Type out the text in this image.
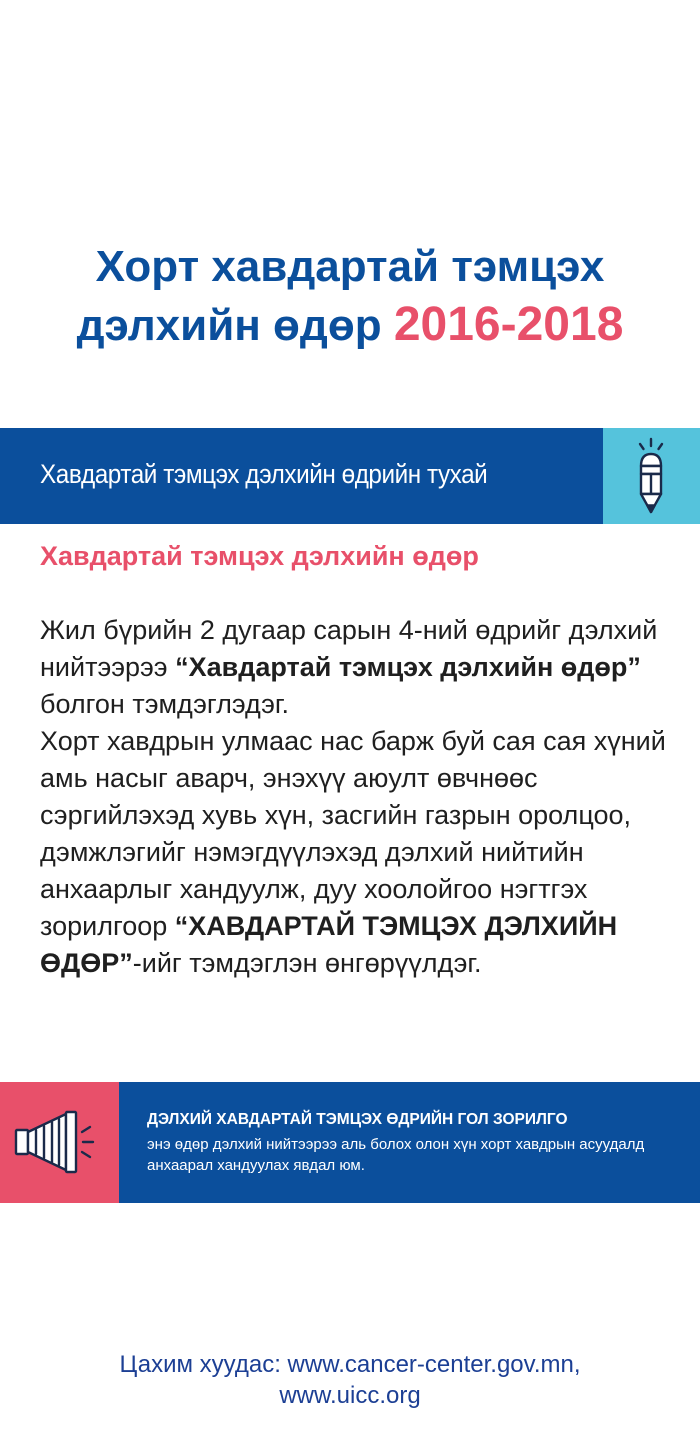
Хорт хавдартай тэмцэх
дэлхийн өдөр 2016-2018
Хавдартай тэмцэх дэлхийн өдрийн тухай
Хавдартай тэмцэх дэлхийн өдөр
Жил бүрийн 2 дугаар сарын 4-ний өдрийг дэлхий нийтээрээ “Хавдартай тэмцэх дэлхийн өдөр” болгон тэмдэглэдэг.
Хорт хавдрын улмаас нас барж буй сая сая хүний амь насыг аварч, энэхүү аюулт өвчнөөс сэргийлэхэд хувь хүн, засгийн газрын оролцоо, дэмжлэгийг нэмэгдүүлэхэд дэлхий нийтийн анхаарлыг хандуулж, дуу хоолойгоо нэгтгэх зорилгоор “ХАВДАРТАЙ ТЭМЦЭХ ДЭЛХИЙН ӨДӨР”-ийг тэмдэглэн өнгөрүүлдэг.
ДЭЛХИЙ ХАВДАРТАЙ ТЭМЦЭХ ӨДРИЙН ГОЛ ЗОРИЛГО
энэ өдөр дэлхий нийтээрээ аль болох олон хүн хорт хавдрын асуудалд анхаарал хандуулах явдал юм.
Цахим хуудас: www.cancer-center.gov.mn,
www.uicc.org
